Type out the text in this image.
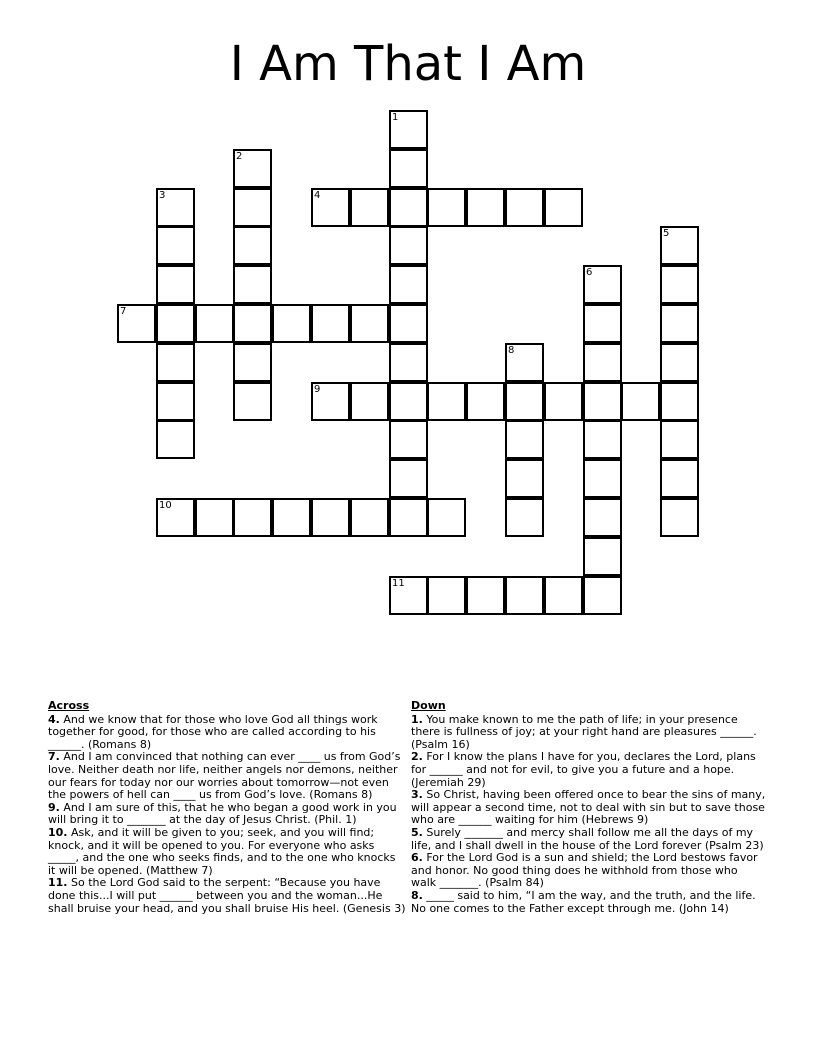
I Am That I Am
1
2
3	4
5
6
7
8
9
10
11
Across
4. And we know that for those who love God all things work together for good, for those who are called according to his ______. (Romans 8)
7. And I am convinced that nothing can ever ____ us from God’s love. Neither death nor life, neither angels nor demons, neither our fears for today nor our worries about tomorrow—not even the powers of hell can ____ us from God’s love. (Romans 8)
9. And I am sure of this, that he who began a good work in you will bring it to _______ at the day of Jesus Christ. (Phil. 1)
10. Ask, and it will be given to you; seek, and you will find; knock, and it will be opened to you. For everyone who asks _____, and the one who seeks finds, and to the one who knocks it will be opened. (Matthew 7)
11. So the Lord God said to the serpent: “Because you have done this...I will put ______ between you and the woman...He shall bruise your head, and you shall bruise His heel. (Genesis 3)
Down
1. You make known to me the path of life; in your presence there is fullness of joy; at your right hand are pleasures ______. (Psalm 16)
2. For I know the plans I have for you, declares the Lord, plans for ______ and not for evil, to give you a future and a hope. (Jeremiah 29)
3. So Christ, having been offered once to bear the sins of many, will appear a second time, not to deal with sin but to save those who are ______ waiting for him (Hebrews 9)
5. Surely _______ and mercy shall follow me all the days of my life, and I shall dwell in the house of the Lord forever (Psalm 23)
6. For the Lord God is a sun and shield; the Lord bestows favor and honor. No good thing does he withhold from those who walk _______. (Psalm 84)
8. _____ said to him, “I am the way, and the truth, and the life. No one comes to the Father except through me. (John 14)
